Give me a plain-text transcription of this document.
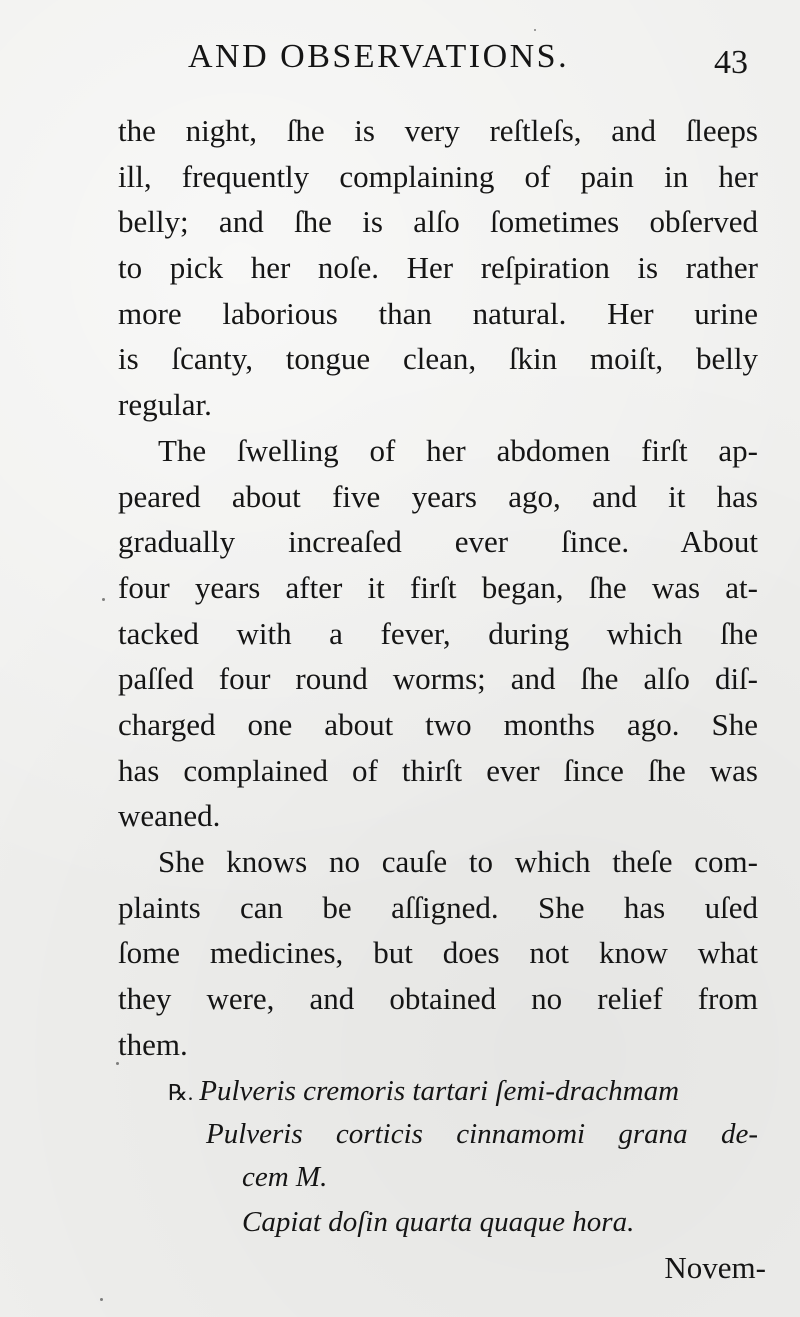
AND OBSERVATIONS.	43
the night, ſhe is very reſtleſs, and ſleeps
ill, frequently complaining of pain in her
belly; and ſhe is alſo ſometimes obſerved
to pick her noſe. Her reſpiration is rather
more laborious than natural. Her urine
is ſcanty, tongue clean, ſkin moiſt, belly
regular.
The ſwelling of her abdomen firſt ap-
peared about five years ago, and it has
gradually increaſed ever ſince. About
four years after it firſt began, ſhe was at-
tacked with a fever, during which ſhe
paſſed four round worms; and ſhe alſo diſ-
charged one about two months ago. She
has complained of thirſt ever ſince ſhe was
weaned.
She knows no cauſe to which theſe com-
plaints can be aſſigned. She has uſed
ſome medicines, but does not know what
they were, and obtained no relief from
them.
℞. Pulveris cremoris tartari ſemi-drachmam
Pulveris corticis cinnamomi grana de-
cem M.
Capiat doſin quarta quaque hora.
Novem-
